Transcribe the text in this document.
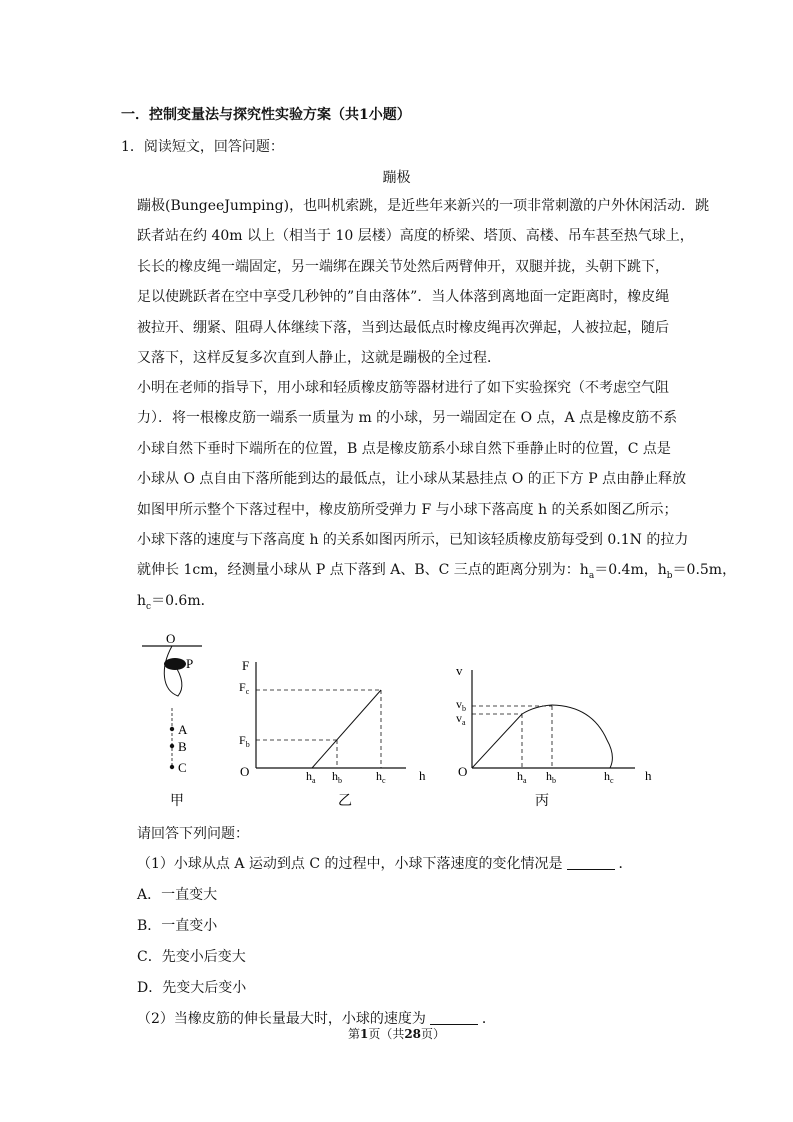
一．控制变量法与探究性实验方案（共1小题）
1．阅读短文，回答问题：
蹦极
蹦极(BungeeJumping)，也叫机索跳，是近些年来新兴的一项非常刺激的户外休闲活动．跳
跃者站在约 40m 以上（相当于 10 层楼）高度的桥梁、塔顶、高楼、吊车甚至热气球上，
长长的橡皮绳一端固定，另一端绑在踝关节处然后两臂伸开，双腿并拢，头朝下跳下，
足以使跳跃者在空中享受几秒钟的”自由落体”．当人体落到离地面一定距离时，橡皮绳
被拉开、绷紧、阻碍人体继续下落，当到达最低点时橡皮绳再次弹起，人被拉起，随后
又落下，这样反复多次直到人静止，这就是蹦极的全过程．
小明在老师的指导下，用小球和轻质橡皮筋等器材进行了如下实验探究（不考虑空气阻
力）．将一根橡皮筋一端系一质量为 m 的小球，另一端固定在 O 点，A 点是橡皮筋不系
小球自然下垂时下端所在的位置，B 点是橡皮筋系小球自然下垂静止时的位置，C 点是
小球从 O 点自由下落所能到达的最低点，让小球从某悬挂点 O 的正下方 P 点由静止释放
如图甲所示整个下落过程中，橡皮筋所受弹力 F 与小球下落高度 h 的关系如图乙所示；
小球下落的速度与下落高度 h 的关系如图丙所示，已知该轻质橡皮筋每受到 0.1N 的拉力
就伸长 1cm，经测量小球从 P 点下落到 A、B、C 三点的距离分别为：$h_a=0.4m$，$h_b=0.5m$，
$h_c=0.6m$．
O
P
A
B
C
甲
F
h
O
$F_c$
$F_b$
$h_a$ $h_b$	$h_c$
乙
v
h
O
$v_b$
$v_a$
$h_a$ $h_b$	$h_c$
丙
请回答下列问题：
（1）小球从点 A 运动到点 C 的过程中，小球下落速度的变化情况是	．
A．一直变大
B．一直变小
C．先变小后变大
D．先变大后变小
（2）当橡皮筋的伸长量最大时，小球的速度为	．
第1页（共28页）
